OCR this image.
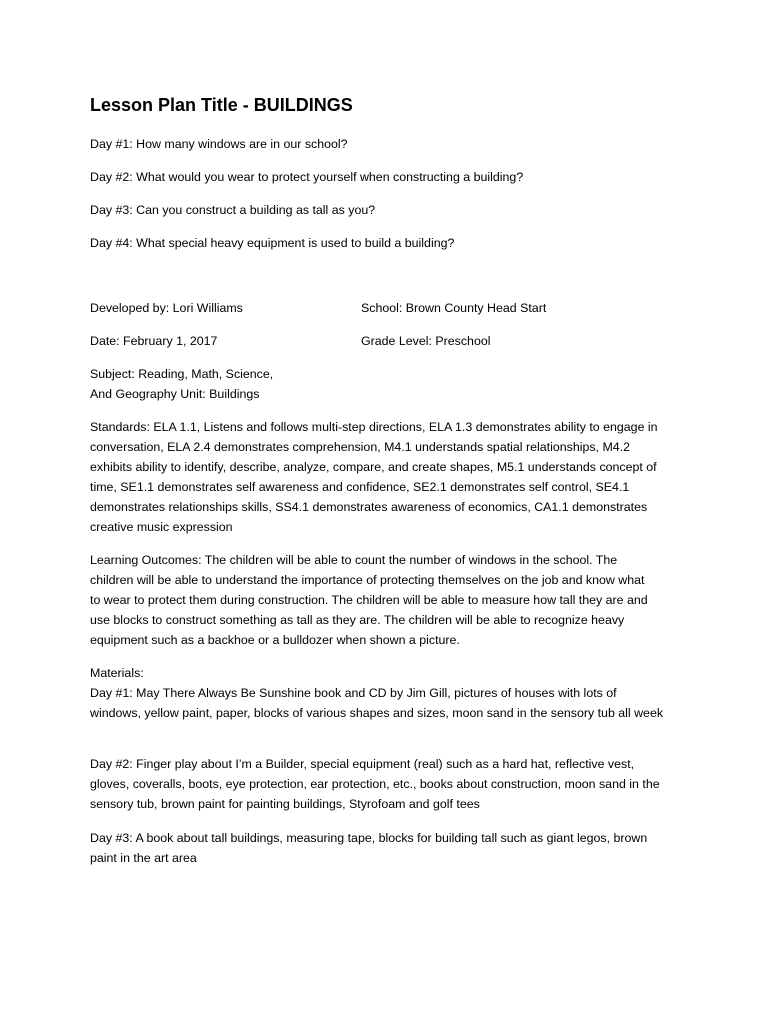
Lesson Plan Title - BUILDINGS
Day #1: How many windows are in our school?
Day #2: What would you wear to protect yourself when constructing a building?
Day #3: Can you construct a building as tall as you?
Day #4: What special heavy equipment is used to build a building?
Developed by: Lori Williams	School: Brown County Head Start
Date: February 1, 2017	Grade Level: Preschool
Subject: Reading, Math, Science,
And Geography Unit: Buildings
Standards: ELA 1.1, Listens and follows multi-step directions, ELA 1.3 demonstrates ability to engage in
conversation, ELA 2.4 demonstrates comprehension, M4.1 understands spatial relationships, M4.2
exhibits ability to identify, describe, analyze, compare, and create shapes, M5.1 understands concept of
time, SE1.1 demonstrates self awareness and confidence, SE2.1 demonstrates self control, SE4.1
demonstrates relationships skills, SS4.1 demonstrates awareness of economics, CA1.1 demonstrates
creative music expression
Learning Outcomes: The children will be able to count the number of windows in the school. The
children will be able to understand the importance of protecting themselves on the job and know what
to wear to protect them during construction. The children will be able to measure how tall they are and
use blocks to construct something as tall as they are. The children will be able to recognize heavy
equipment such as a backhoe or a bulldozer when shown a picture.
Materials:
Day #1: May There Always Be Sunshine book and CD by Jim Gill, pictures of houses with lots of
windows, yellow paint, paper, blocks of various shapes and sizes, moon sand in the sensory tub all week
Day #2: Finger play about I’m a Builder, special equipment (real) such as a hard hat, reflective vest,
gloves, coveralls, boots, eye protection, ear protection, etc., books about construction, moon sand in the
sensory tub, brown paint for painting buildings, Styrofoam and golf tees
Day #3: A book about tall buildings, measuring tape, blocks for building tall such as giant legos, brown
paint in the art area
